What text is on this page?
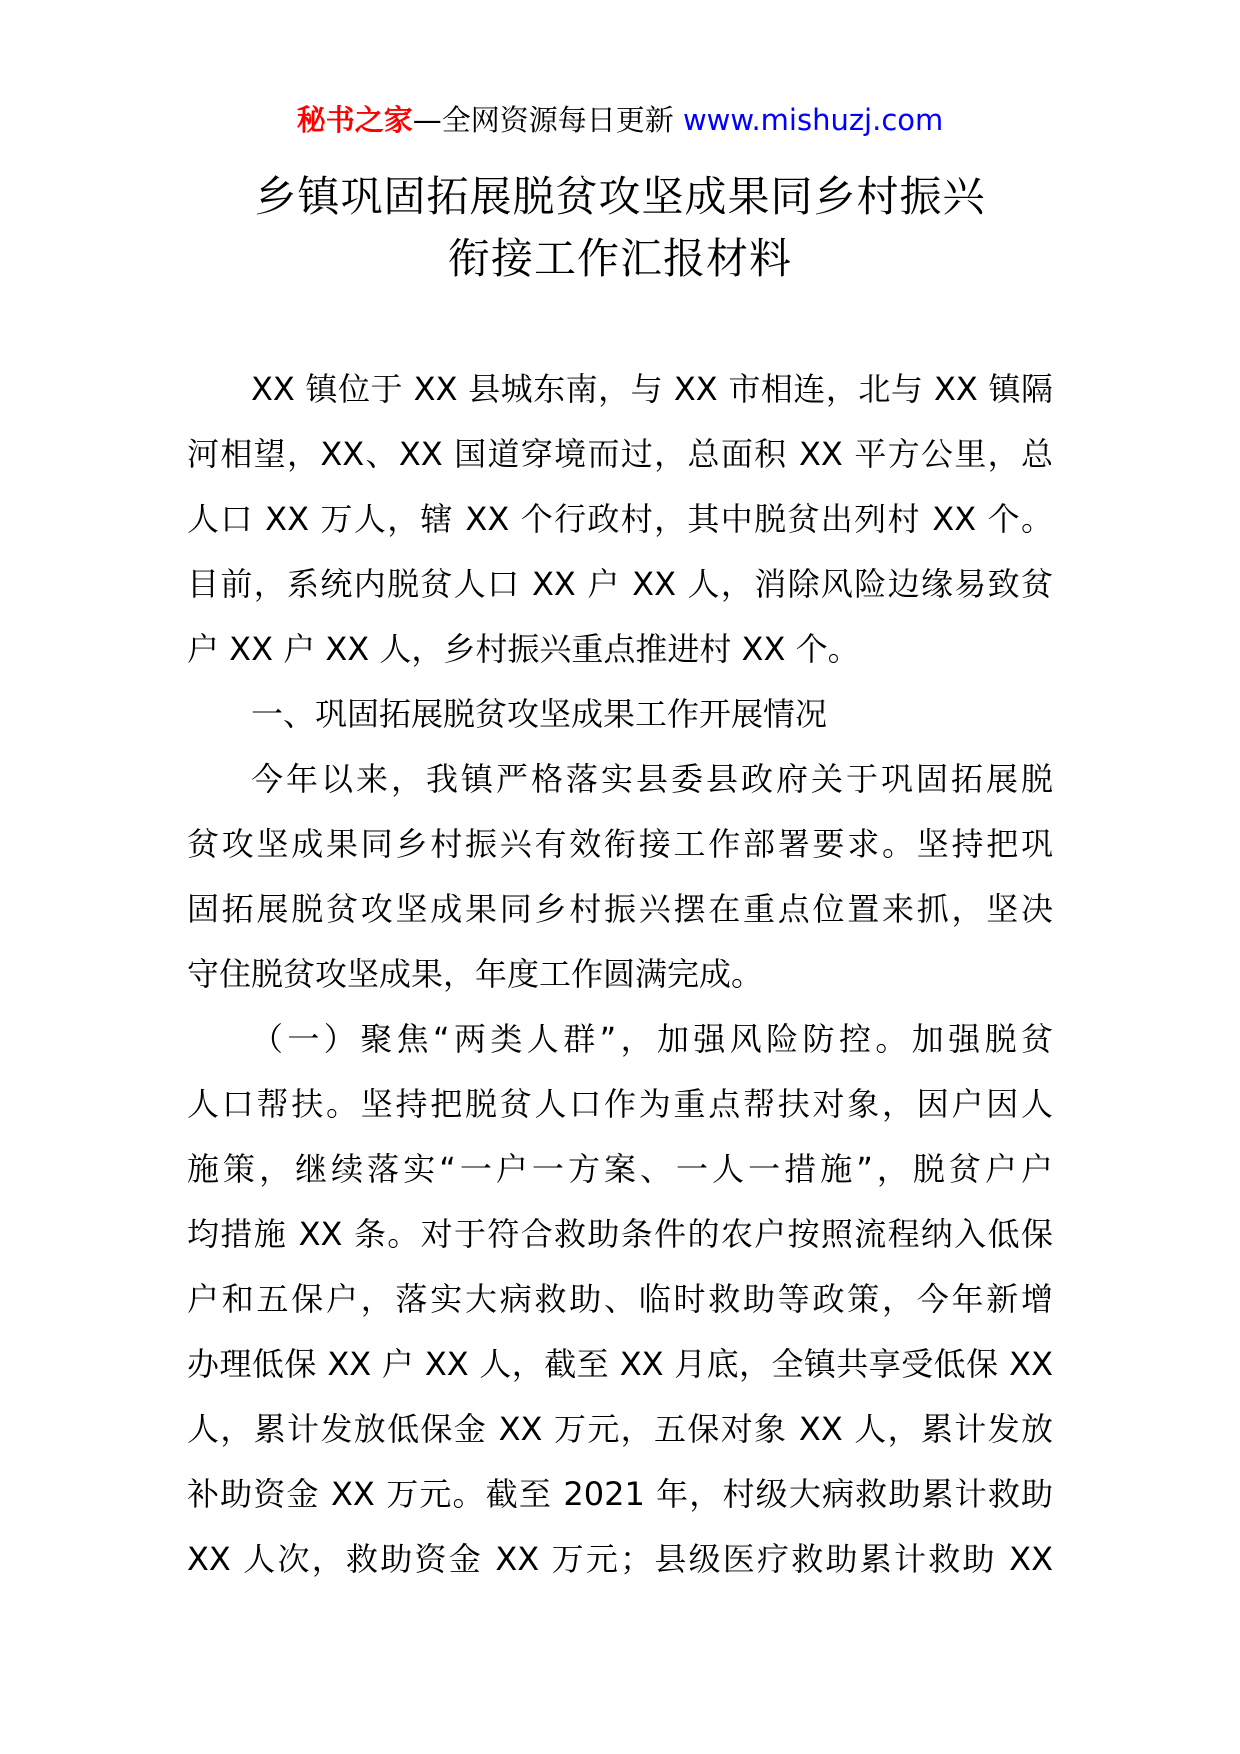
秘书之家—全网资源每日更新 www.mishuzj.com
乡镇巩固拓展脱贫攻坚成果同乡村振兴
衔接工作汇报材料
XX 镇位于 XX 县城东南，与 XX 市相连，北与 XX 镇隔
河相望，XX、XX 国道穿境而过，总面积 XX 平方公里，总
人口 XX 万人，辖 XX 个行政村，其中脱贫出列村 XX 个。
目前，系统内脱贫人口 XX 户 XX 人，消除风险边缘易致贫
户 XX 户 XX 人，乡村振兴重点推进村 XX 个。
一、巩固拓展脱贫攻坚成果工作开展情况
今年以来，我镇严格落实县委县政府关于巩固拓展脱
贫攻坚成果同乡村振兴有效衔接工作部署要求。坚持把巩
固拓展脱贫攻坚成果同乡村振兴摆在重点位置来抓，坚决
守住脱贫攻坚成果，年度工作圆满完成。
（一）聚焦“两类人群”，加强风险防控。加强脱贫
人口帮扶。坚持把脱贫人口作为重点帮扶对象，因户因人
施策，继续落实“一户一方案、一人一措施”，脱贫户户
均措施 XX 条。对于符合救助条件的农户按照流程纳入低保
户和五保户，落实大病救助、临时救助等政策，今年新增
办理低保 XX 户 XX 人，截至 XX 月底，全镇共享受低保 XX
人，累计发放低保金 XX 万元，五保对象 XX 人，累计发放
补助资金 XX 万元。截至 2021 年，村级大病救助累计救助
XX 人次，救助资金 XX 万元；县级医疗救助累计救助 XX
